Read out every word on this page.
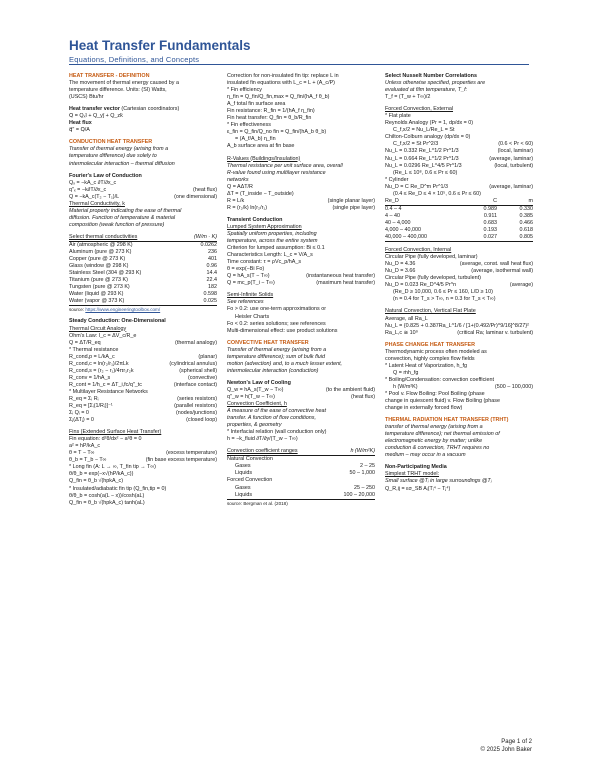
Heat Transfer Fundamentals
Equations, Definitions, and Concepts
HEAT TRANSFER - DEFINITION
The movement of thermal energy caused by a
temperature difference. Units: (SI) Watts,
(USCS) Btu/hr
Heat transfer vector (Cartesian coordinators)
Q⃗ = Qₓî + Q_yĵ + Q_zk̂
Heat flux
q⃗″ = Q⃗/A
CONDUCTION HEAT TRANSFER
Transfer of thermal energy (arising from a
temperature difference) due solely to
intermolecular interaction – thermal diffusion
Fourier's Law of Conduction
Qₓ = −kA_c ∂T/∂x_c
q″ₓ = −k∂T/∂x_c	(heat flux)
Q = −kA_c(T₂ − T₁)/L	(one dimensional)
Thermal Conductivity, k
Material property indicating the ease of thermal
diffusion. Function of temperature & material
composition (weak function of pressure)
Select thermal conductivities	(W/m · K)
Air (atmospheric @ 298 K)	0.0262
Aluminum (pure @ 273 K)	236
Copper (pure @ 273 K)	401
Glass (window @ 298 K)	0.96
Stainless Steel (304 @ 293 K)	14.4
Titanium (pure @ 273 K)	22.4
Tungsten (pure @ 273 K)	182
Water (liquid @ 293 K)	0.598
Water (vapor @ 373 K)	0.025
source: https://www.engineeringtoolbox.com/
Steady Conduction: One-Dimensional
Thermal Circuit Analogy
Ohm's Law: I_c = ΔV_c/R_e
Q = ΔT/R_eq	(thermal analogy)
* Thermal resistance
R_cond,p = L/kA_c	(planar)
R_cond,c = ln(r₂/r₁)/2πLk	(cylindrical annulus)
R_cond,s = (r₂ − r₁)/4πr₁r₂k	(spherical shell)
R_conv = 1/hA_s	(convective)
R_cont = 1/h_c = ΔT_i,fc/q″_tc	(interface contact)
* Multilayer Resistance Networks
R_eq = Σᵢ Rᵢ	(series resistors)
R_eq = [Σᵢ(1/Rᵢ)]⁻¹	(parallel resistors)
Σᵢ Qᵢ = 0	(nodes/junctions)
Σⱼ(ΔTⱼ) = 0	(closed loop)
Fins (Extended Surface Heat Transfer)
Fin equation: d²θ/dx² − a²θ = 0
a² = hP/kA_c
θ = T − T∞	(excess temperature)
θ_b = T_b − T∞	(fin base excess temperature)
* Long fin (A: L → ∞, T_fin tip → T∞)
θ/θ_b = exp(−x√(hP/kA_c))
Q_fin = θ_b √(hpkA_c)
* Insulated/adiabatic fin tip (Q_fin,tip = 0)
θ/θ_b = cosh(a(L − x))/cosh(aL)
Q_fin = θ_b √(hpkA_c) tanh(aL)
Correction for non-insulated fin tip: replace L in
insulated fin equations with L_c = L + (A_c/P)
* Fin efficiency
η_fin = Q_fin/Q_fin,max = Q_fin/(hA_f θ_b)
A_f total fin surface area
Fin resistance: R_fin = 1/(hA_f η_fin)
Fin heat transfer: Q_fin = θ_b/R_fin
* Fin effectiveness
ε_fin = Q_fin/Q_no fin = Q_fin/(hA_b θ_b)
= (A_f/A_b) η_fin
A_b surface area at fin base
R-Values (Buildings/Insulation)
Thermal resistance per unit surface area, overall
R-value found using multilayer resistance
networks
Q = AΔT/R
ΔT = (T_inside − T_outside)
R = L/k	(single planar layer)
R = (r₂/k) ln(r₂/r₁)	(single pipe layer)
Transient Conduction
Lumped System Approximation
Spatially uniform properties, including
temperature, across the entire system
Criterion for lumped assumption: Bi ≤ 0.1
Characteristics Length: L_c = V/A_s
Time constant: τ = ρVc_p/hA_s
θ = exp(−Bi Fo)
Q = hA_s(T − T∞)	(instantaneous heat transfer)
Q = mc_p(T_i − T∞)	(maximum heat transfer)
Semi-Infinite Solids
See references
Fo > 0.2: use one-term approximations or
Heisler Charts
Fo < 0.2: series solutions; see references
Multi-dimensional effect: use product solutions
CONVECTIVE HEAT TRANSFER
Transfer of thermal energy (arising from a
temperature difference); sum of bulk fluid
motion (advection) and, to a much lesser extent,
intermolecular interaction (conduction)
Newton's Law of Cooling
Q_w = hA_s(T_w − T∞)	(to the ambient fluid)
q″_w = h(T_w − T∞)	(heat flux)
Convection Coefficient, h
A measure of the ease of convective heat
transfer. A function of flow conditions,
properties, & geometry
* Interfacial relation (wall conduction only)
h = −k_fluid ∂T/∂y/(T_w − T∞)
Convection coefficient ranges	h (W/m²K)
Natural Convection
Gases	2 – 25
Liquids	50 – 1,000
Forced Convection
Gases	25 – 250
Liquids	100 – 20,000
source: Bergman et al. (2018)
Select Nusselt Number Correlations
Unless otherwise specified, properties are
evaluated at film temperature, T_f:
T_f = (T_w + T∞)/2
Forced Convection, External
* Flat plate
Reynolds Analogy (Pr = 1, dp/dx = 0)
C_f,x/2 = Nu_L/Re_L = St
Chilton-Colburn analogy (dp/dx = 0)
C_f,x/2 = St Pr^2/3	(0.6 < Pr < 60)
Nu_L = 0.332 Re_L^1/2 Pr^1/3	(local, laminar)
Nu_L = 0.664 Re_L^1/2 Pr^1/3	(average, laminar)
Nu_L = 0.0296 Re_L^4/5 Pr^1/3	(local, turbulent)
(Re_L ≤ 10⁸, 0.6 ≤ Pr ≤ 60)
* Cylinder
Nu_D = C Re_D^m Pr^1/3	(average, laminar)
(0.4 ≤ Re_D ≤ 4 × 10⁵, 0.6 ≤ Pr ≤ 60)
Re_D	C	m
0.4 – 4	0.989	0.330
4 – 40	0.911	0.385
40 – 4,000	0.683	0.466
4,000 – 40,000	0.193	0.618
40,000 – 400,000	0.027	0.805
Forced Convection, Internal
Circular Pipe (fully developed, laminar)
Nu_D = 4.36	(average, const. wall heat flux)
Nu_D = 3.66	(average, isothermal wall)
Circular Pipe (fully developed, turbulent)
Nu_D = 0.023 Re_D^4/5 Pr^n	(average)
(Re_D ≥ 10,000, 0.6 ≤ Pr ≤ 160, L/D ≥ 10)
(n = 0.4 for T_s > T∞, n = 0.3 for T_s < T∞)
Natural Convection, Vertical Flat Plate
Average, all Ra_L
Nu_L = {0.825 + 0.387Ra_L^1/6 / [1+(0.492/Pr)^9/16]^8/27}²
Ra_L,c ≅ 10⁹	(critical Ra; laminar v. turbulent)
PHASE CHANGE HEAT TRANSFER
Thermodynamic process often modeled as
convection, highly complex flow fields
* Latent Heat of Vaporization, h_fg
Q = ṁh_fg
* Boiling/Condensation: convection coefficient
h (W/m²K)	(500 – 100,000)
* Pool v. Flow Boiling: Pool Boiling (phase
change in quiescent fluid) v. Flow Boiling (phase
change in externally forced flow)
THERMAL RADIATION HEAT TRANSFER (TRHT)
transfer of thermal energy (arising from a
temperature difference); net thermal emission of
electromagnetic energy by matter; unlike
conduction & convection, TRHT requires no
medium – may occur in a vacuum
Non-Participating Media
Simplest TRHT model:
Small surface @Tᵢ in large surroundings @Tⱼ
Q_R,ij = εσ_SB Aᵢ(Tᵢ⁴ − Tⱼ⁴)
Page 1 of 2
© 2025 John Baker
